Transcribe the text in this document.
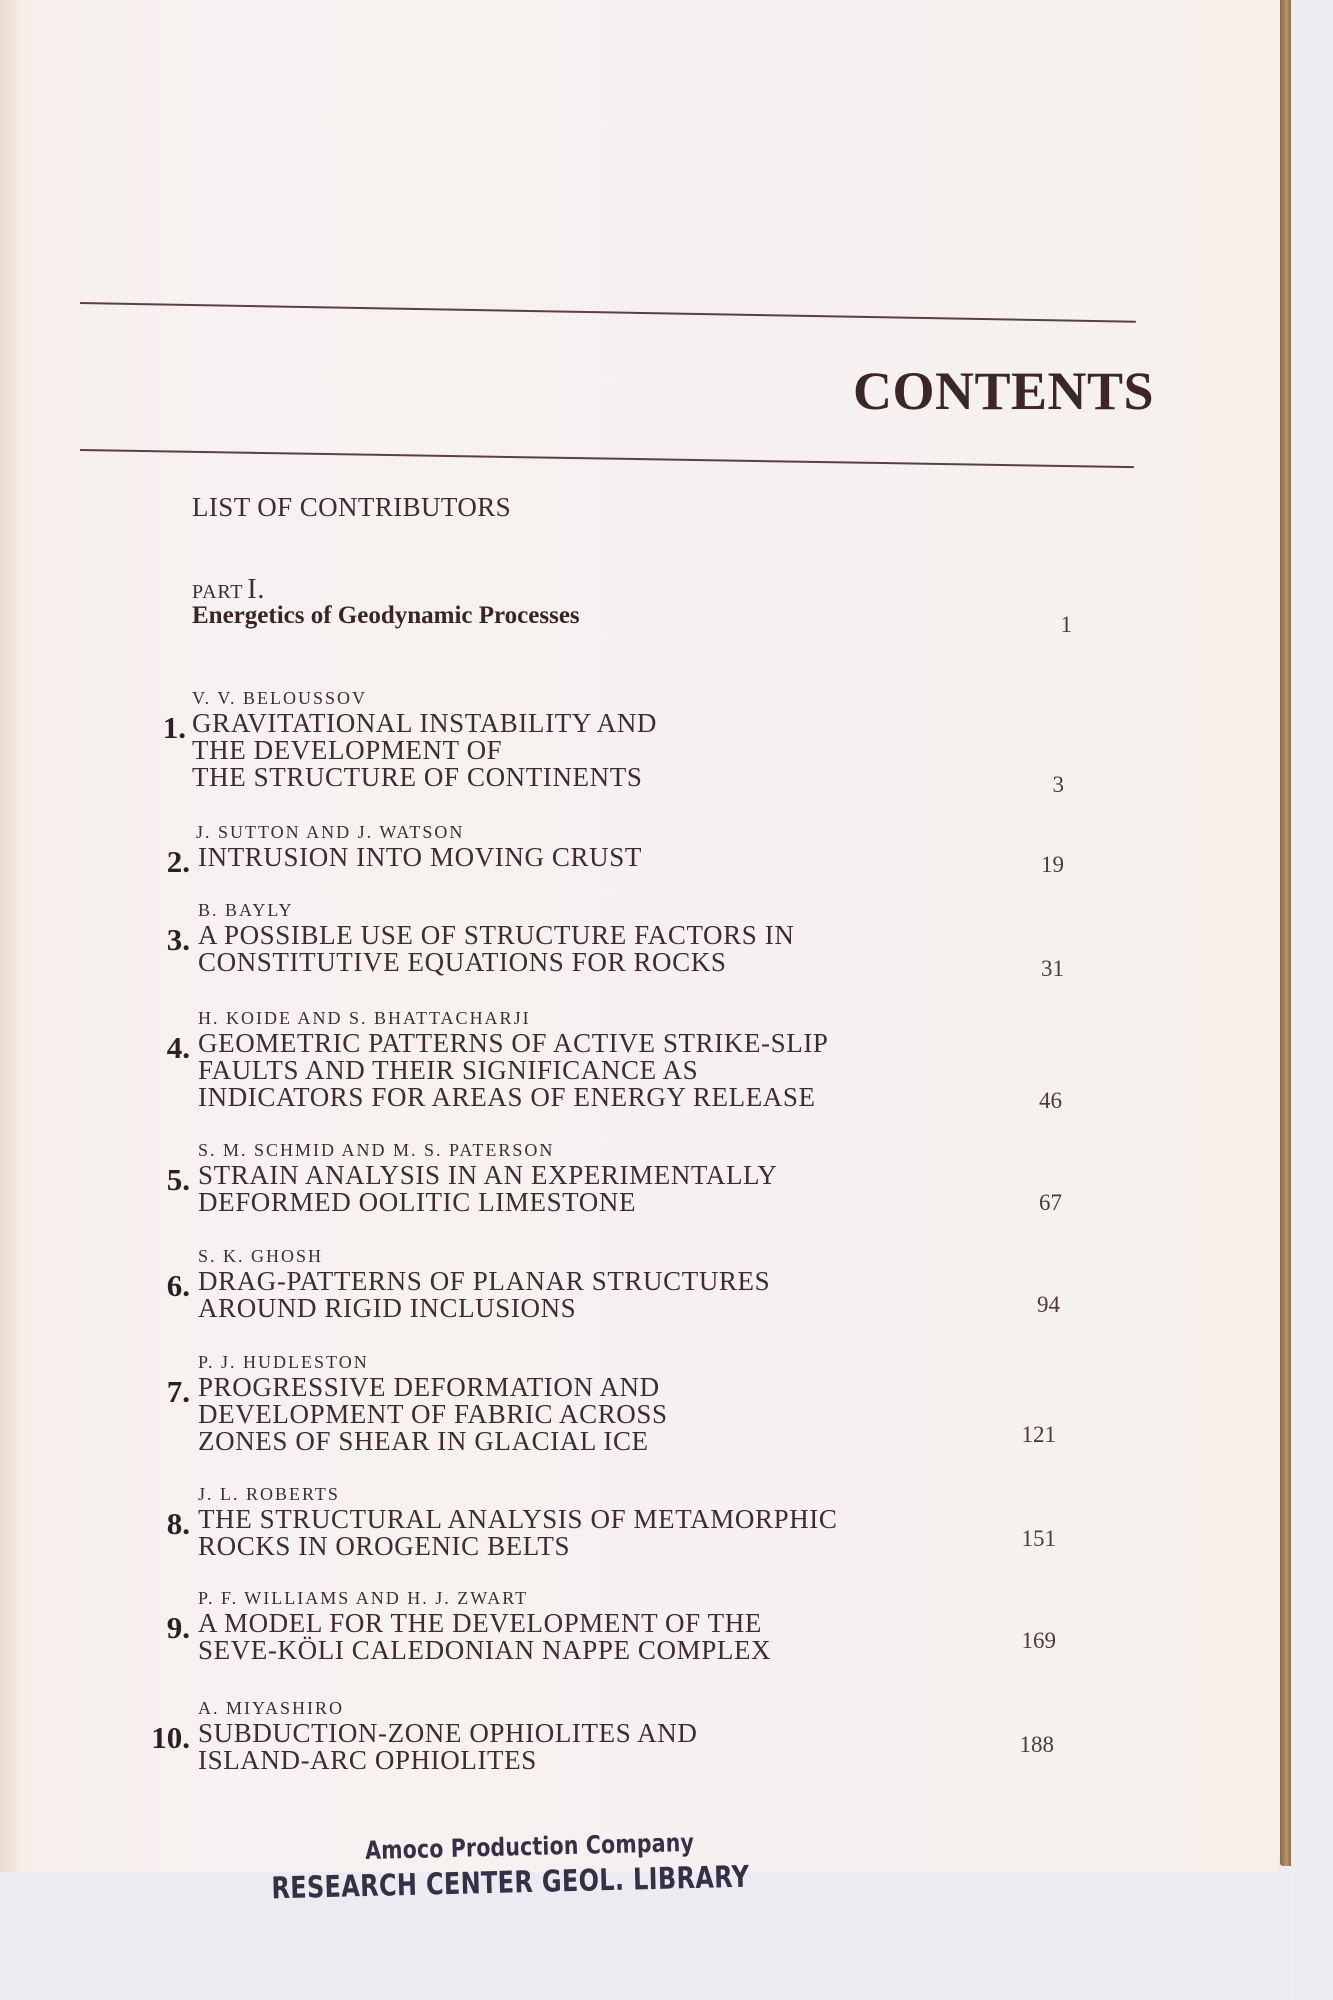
CONTENTS
LIST OF CONTRIBUTORS
PART I.
Energetics of Geodynamic Processes	1
1.
V. V. BELOUSSOV
GRAVITATIONAL INSTABILITY AND
THE DEVELOPMENT OF
THE STRUCTURE OF CONTINENTS	3
2.
J. SUTTON AND J. WATSON
INTRUSION INTO MOVING CRUST	19
3.
B. BAYLY
A POSSIBLE USE OF STRUCTURE FACTORS IN
CONSTITUTIVE EQUATIONS FOR ROCKS	31
4.
H. KOIDE AND S. BHATTACHARJI
GEOMETRIC PATTERNS OF ACTIVE STRIKE-SLIP
FAULTS AND THEIR SIGNIFICANCE AS
INDICATORS FOR AREAS OF ENERGY RELEASE	46
5.
S. M. SCHMID AND M. S. PATERSON
STRAIN ANALYSIS IN AN EXPERIMENTALLY
DEFORMED OOLITIC LIMESTONE	67
6.
S. K. GHOSH
DRAG-PATTERNS OF PLANAR STRUCTURES
AROUND RIGID INCLUSIONS	94
7.
P. J. HUDLESTON
PROGRESSIVE DEFORMATION AND
DEVELOPMENT OF FABRIC ACROSS
ZONES OF SHEAR IN GLACIAL ICE	121
8.
J. L. ROBERTS
THE STRUCTURAL ANALYSIS OF METAMORPHIC
ROCKS IN OROGENIC BELTS	151
9.
P. F. WILLIAMS AND H. J. ZWART
A MODEL FOR THE DEVELOPMENT OF THE
SEVE-KÖLI CALEDONIAN NAPPE COMPLEX	169
10.
A. MIYASHIRO
SUBDUCTION-ZONE OPHIOLITES AND
ISLAND-ARC OPHIOLITES
188
Amoco Production Company
RESEARCH CENTER GEOL. LIBRARY
